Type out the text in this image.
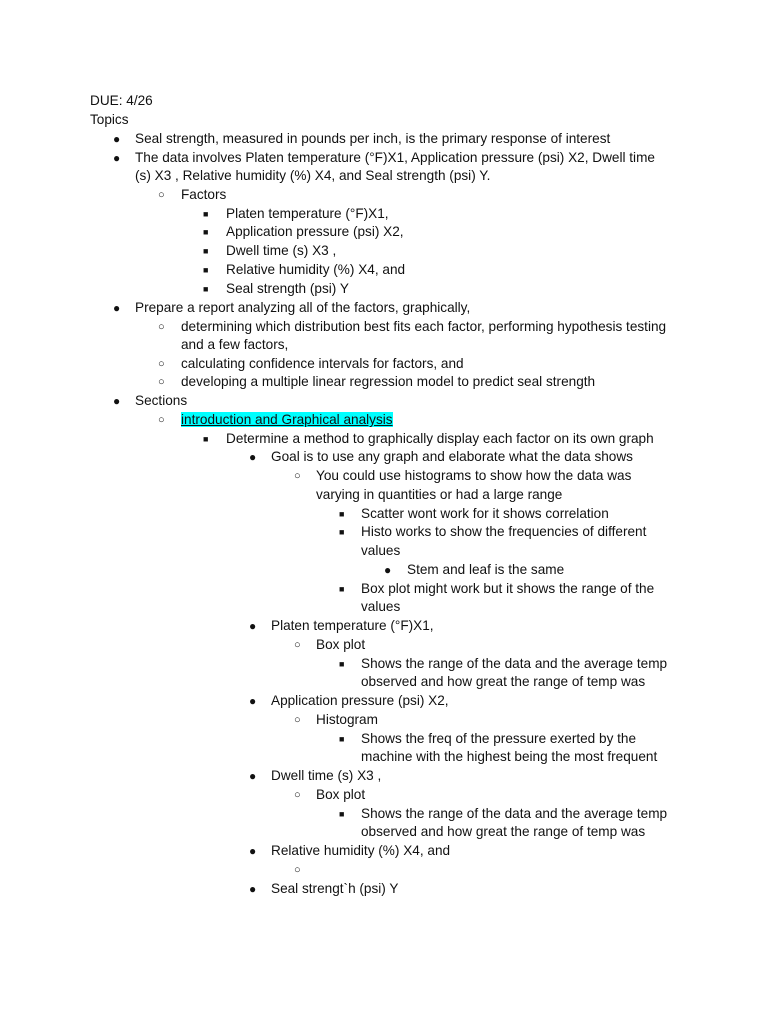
DUE: 4/26
Topics
● Seal strength, measured in pounds per inch, is the primary response of interest
● The data involves Platen temperature (°F)X1, Application pressure (psi) X2, Dwell time
(s) X3 , Relative humidity (%) X4, and Seal strength (psi) Y.
○ Factors
■ Platen temperature (°F)X1,
■ Application pressure (psi) X2,
■ Dwell time (s) X3 ,
■ Relative humidity (%) X4, and
■ Seal strength (psi) Y
● Prepare a report analyzing all of the factors, graphically,
○ determining which distribution best fits each factor, performing hypothesis testing
and a few factors,
○ calculating confidence intervals for factors, and
○ developing a multiple linear regression model to predict seal strength
● Sections
○ introduction and Graphical analysis
■ Determine a method to graphically display each factor on its own graph
● Goal is to use any graph and elaborate what the data shows
○ You could use histograms to show how the data was
varying in quantities or had a large range
■ Scatter wont work for it shows correlation
■ Histo works to show the frequencies of different
values
● Stem and leaf is the same
■ Box plot might work but it shows the range of the
values
● Platen temperature (°F)X1,
○ Box plot
■ Shows the range of the data and the average temp
observed and how great the range of temp was
● Application pressure (psi) X2,
○ Histogram
■ Shows the freq of the pressure exerted by the
machine with the highest being the most frequent
● Dwell time (s) X3 ,
○ Box plot
■ Shows the range of the data and the average temp
observed and how great the range of temp was
● Relative humidity (%) X4, and
○
● Seal strengt`h (psi) Y
